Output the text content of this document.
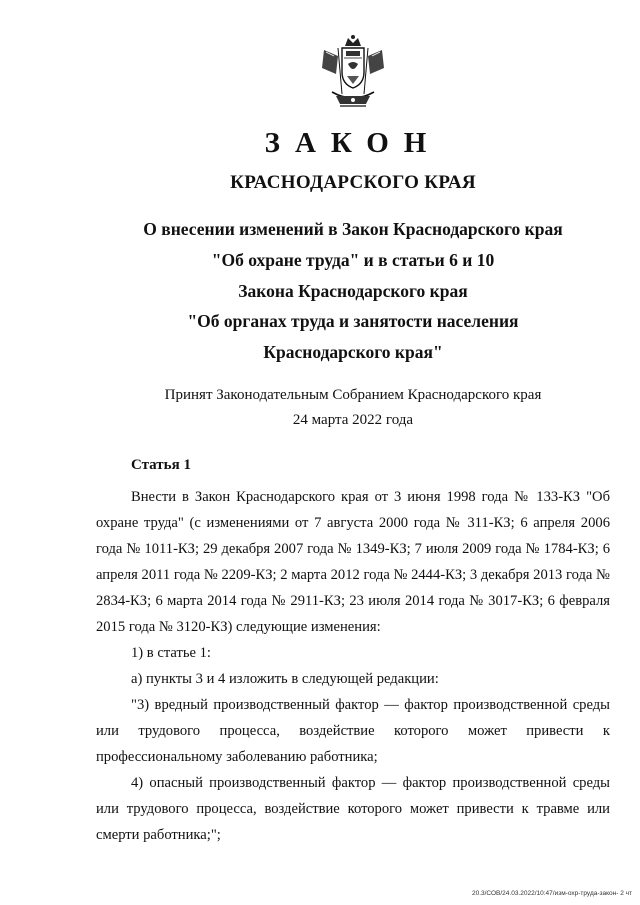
ЗАКОН
КРАСНОДАРСКОГО КРАЯ
О внесении изменений в Закон Краснодарского края
"Об охране труда" и в статьи 6 и 10
Закона Краснодарского края
"Об органах труда и занятости населения
Краснодарского края"
Принят Законодательным Собранием Краснодарского края
24 марта 2022 года
Статья 1

Внести в Закон Краснодарского края от 3 июня 1998 года № 133-КЗ "Об охране труда" (с изменениями от 7 августа 2000 года № 311-КЗ; 6 апреля 2006 года № 1011-КЗ; 29 декабря 2007 года № 1349-КЗ; 7 июля 2009 года № 1784-КЗ; 6 апреля 2011 года № 2209-КЗ; 2 марта 2012 года № 2444-КЗ; 3 декабря 2013 года № 2834-КЗ; 6 марта 2014 года № 2911-КЗ; 23 июля 2014 года № 3017-КЗ; 6 февраля 2015 года № 3120-КЗ) следующие изменения:

1) в статье 1:

а) пункты 3 и 4 изложить в следующей редакции:

"3) вредный производственный фактор — фактор производственной среды или трудового процесса, воздействие которого может привести к профессиональному заболеванию работника;

4) опасный производственный фактор — фактор производственной среды или трудового процесса, воздействие которого может привести к травме или смерти работника;";

20.3/СОВ/24.03.2022/10:47/изм-охр-труда-закон- 2 чт
